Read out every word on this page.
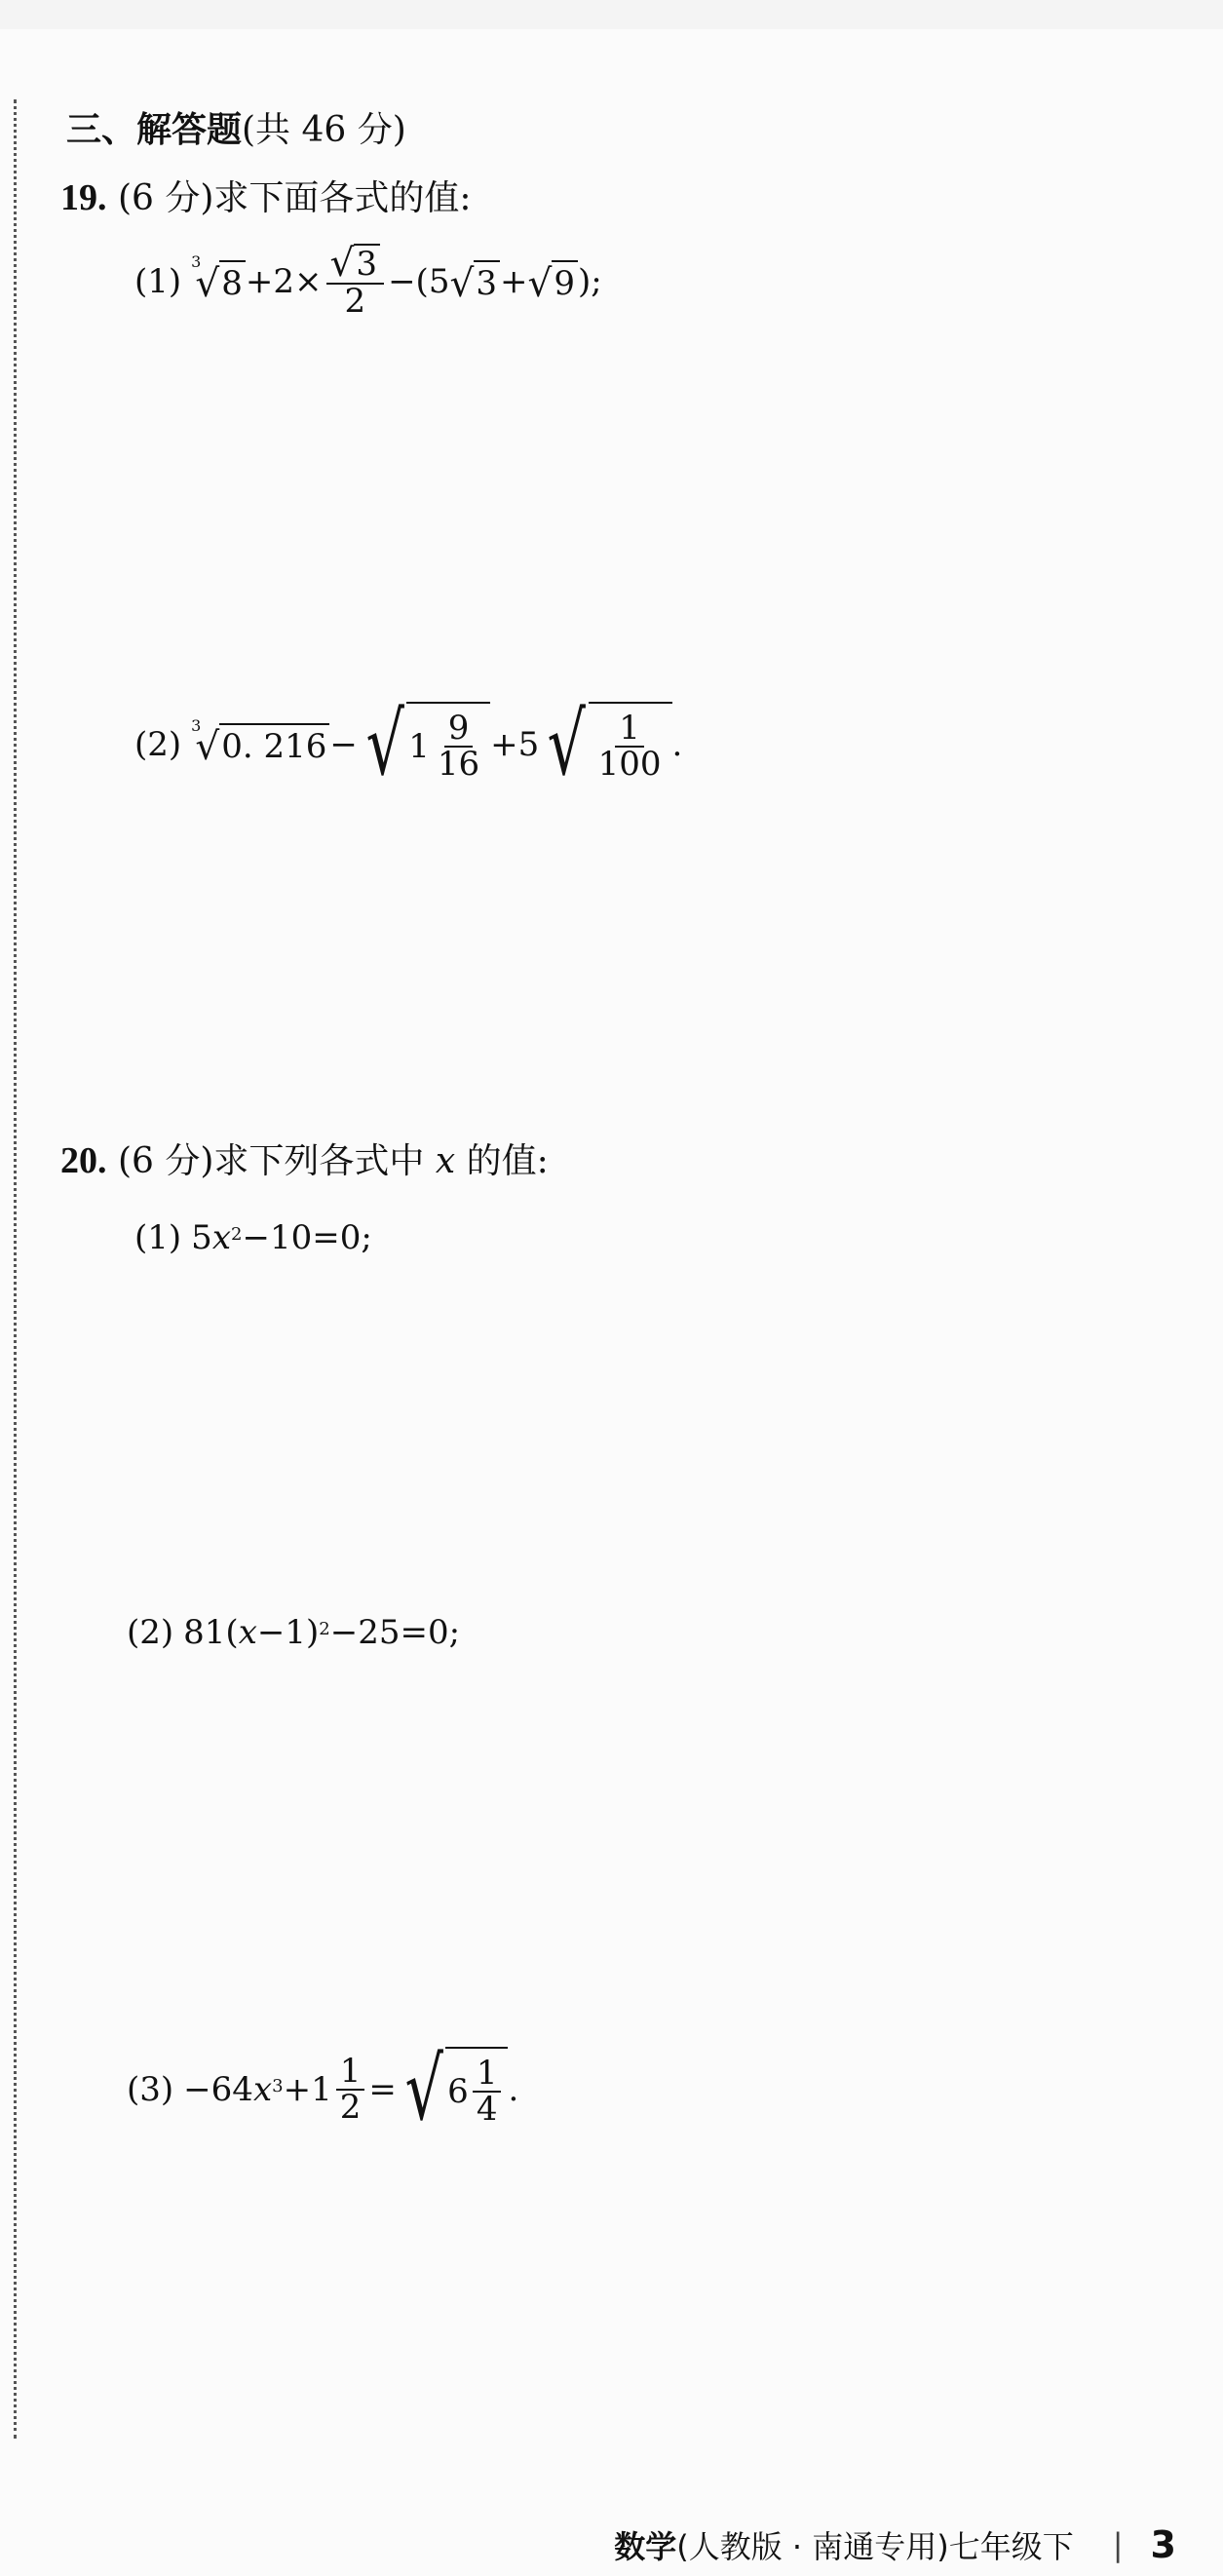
三、解答题(共 46 分)
19. (6 分)求下面各式的值:
(1) 3
√ $8 +2\times \frac{√ 3}{2} -(5$ √ 3 + √ 9 );
(2) 3
√ 0. 216 − √ $1 \frac{9}{16} +5$ √ $\frac{1}{100}$ .
20. (6 分)求下列各式中 x 的值:
(1) 5 $x^2 -10=0$;
(2) 81( x −1)$^2$ −25=0;
(3) −64 $x^3 +1 \frac{1}{2}$ = √ $6 \frac{1}{4}$ .
数学 (人教版 · 南通专用)七年级下 | 3
